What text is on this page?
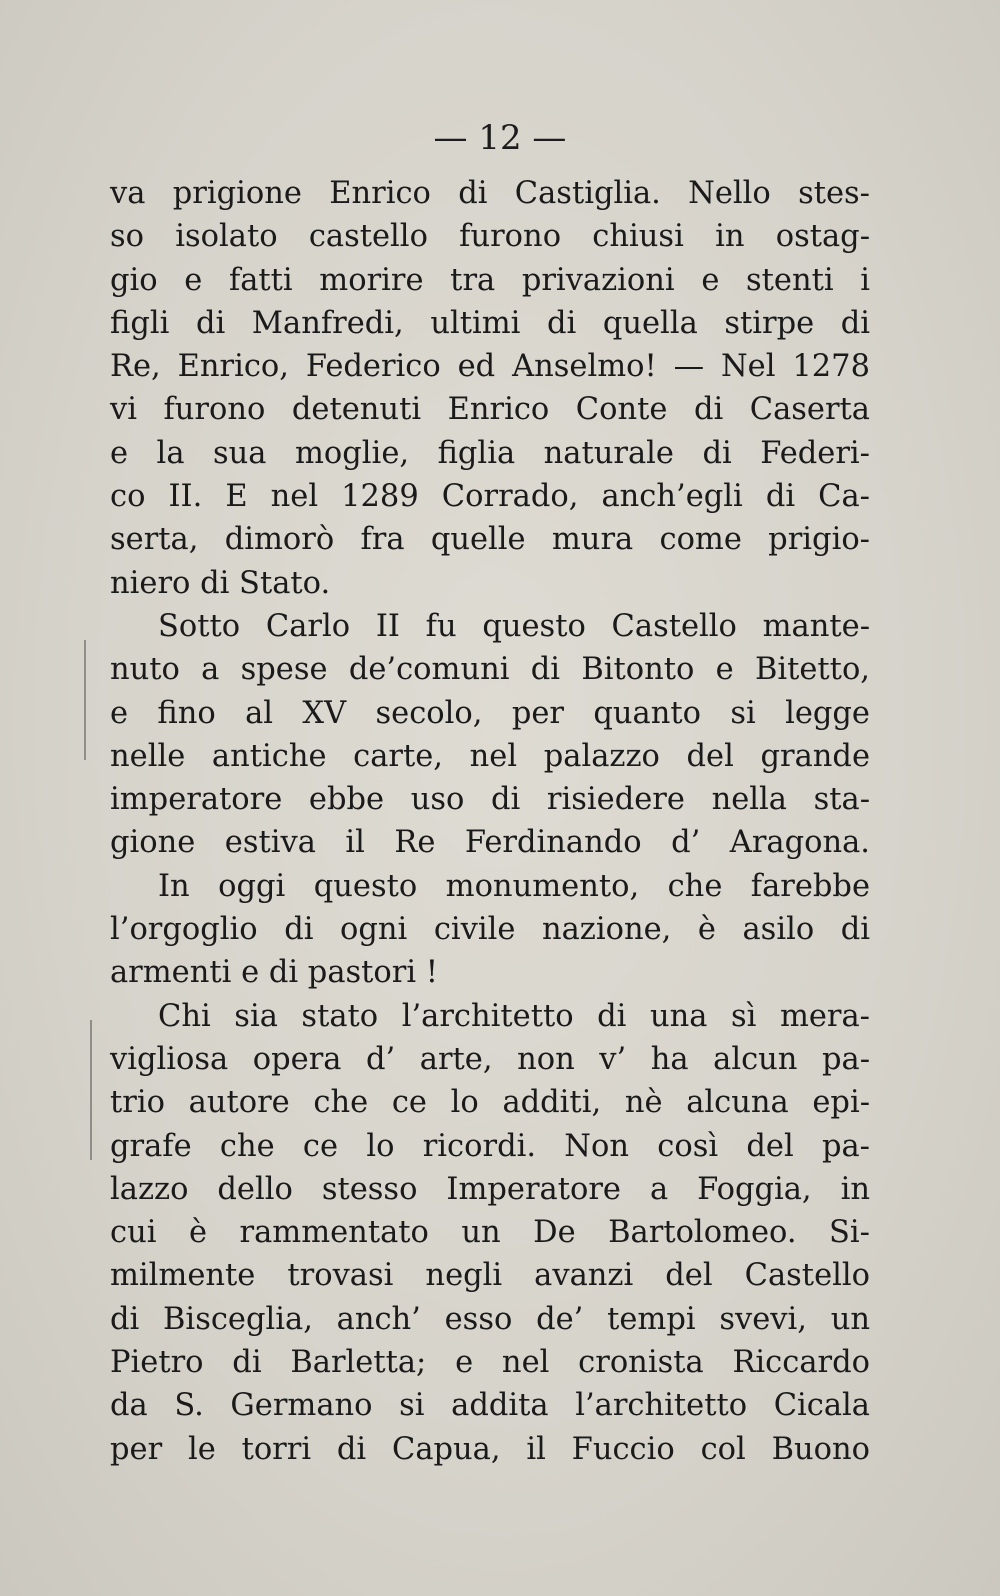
— 12 —
va prigione Enrico di Castiglia. Nello stes-
so isolato castello furono chiusi in ostag-
gio e fatti morire tra privazioni e stenti i
figli di Manfredi, ultimi di quella stirpe di
Re, Enrico, Federico ed Anselmo! — Nel 1278
vi furono detenuti Enrico Conte di Caserta
e la sua moglie, figlia naturale di Federi-
co II. E nel 1289 Corrado, anch’egli di Ca-
serta, dimorò fra quelle mura come prigio-
niero di Stato.
Sotto Carlo II fu questo Castello mante-
nuto a spese de’comuni di Bitonto e Bitetto,
e fino al XV secolo, per quanto si legge
nelle antiche carte, nel palazzo del grande
imperatore ebbe uso di risiedere nella sta-
gione estiva il Re Ferdinando d’ Aragona.
In oggi questo monumento, che farebbe
l’orgoglio di ogni civile nazione, è asilo di
armenti e di pastori !
Chi sia stato l’architetto di una sì mera-
vigliosa opera d’ arte, non v’ ha alcun pa-
trio autore che ce lo additi, nè alcuna epi-
grafe che ce lo ricordi. Non così del pa-
lazzo dello stesso Imperatore a Foggia, in
cui è rammentato un De Bartolomeo. Si-
milmente trovasi negli avanzi del Castello
di Bisceglia, anch’ esso de’ tempi svevi, un
Pietro di Barletta; e nel cronista Riccardo
da S. Germano si addita l’architetto Cicala
per le torri di Capua, il Fuccio col Buono
